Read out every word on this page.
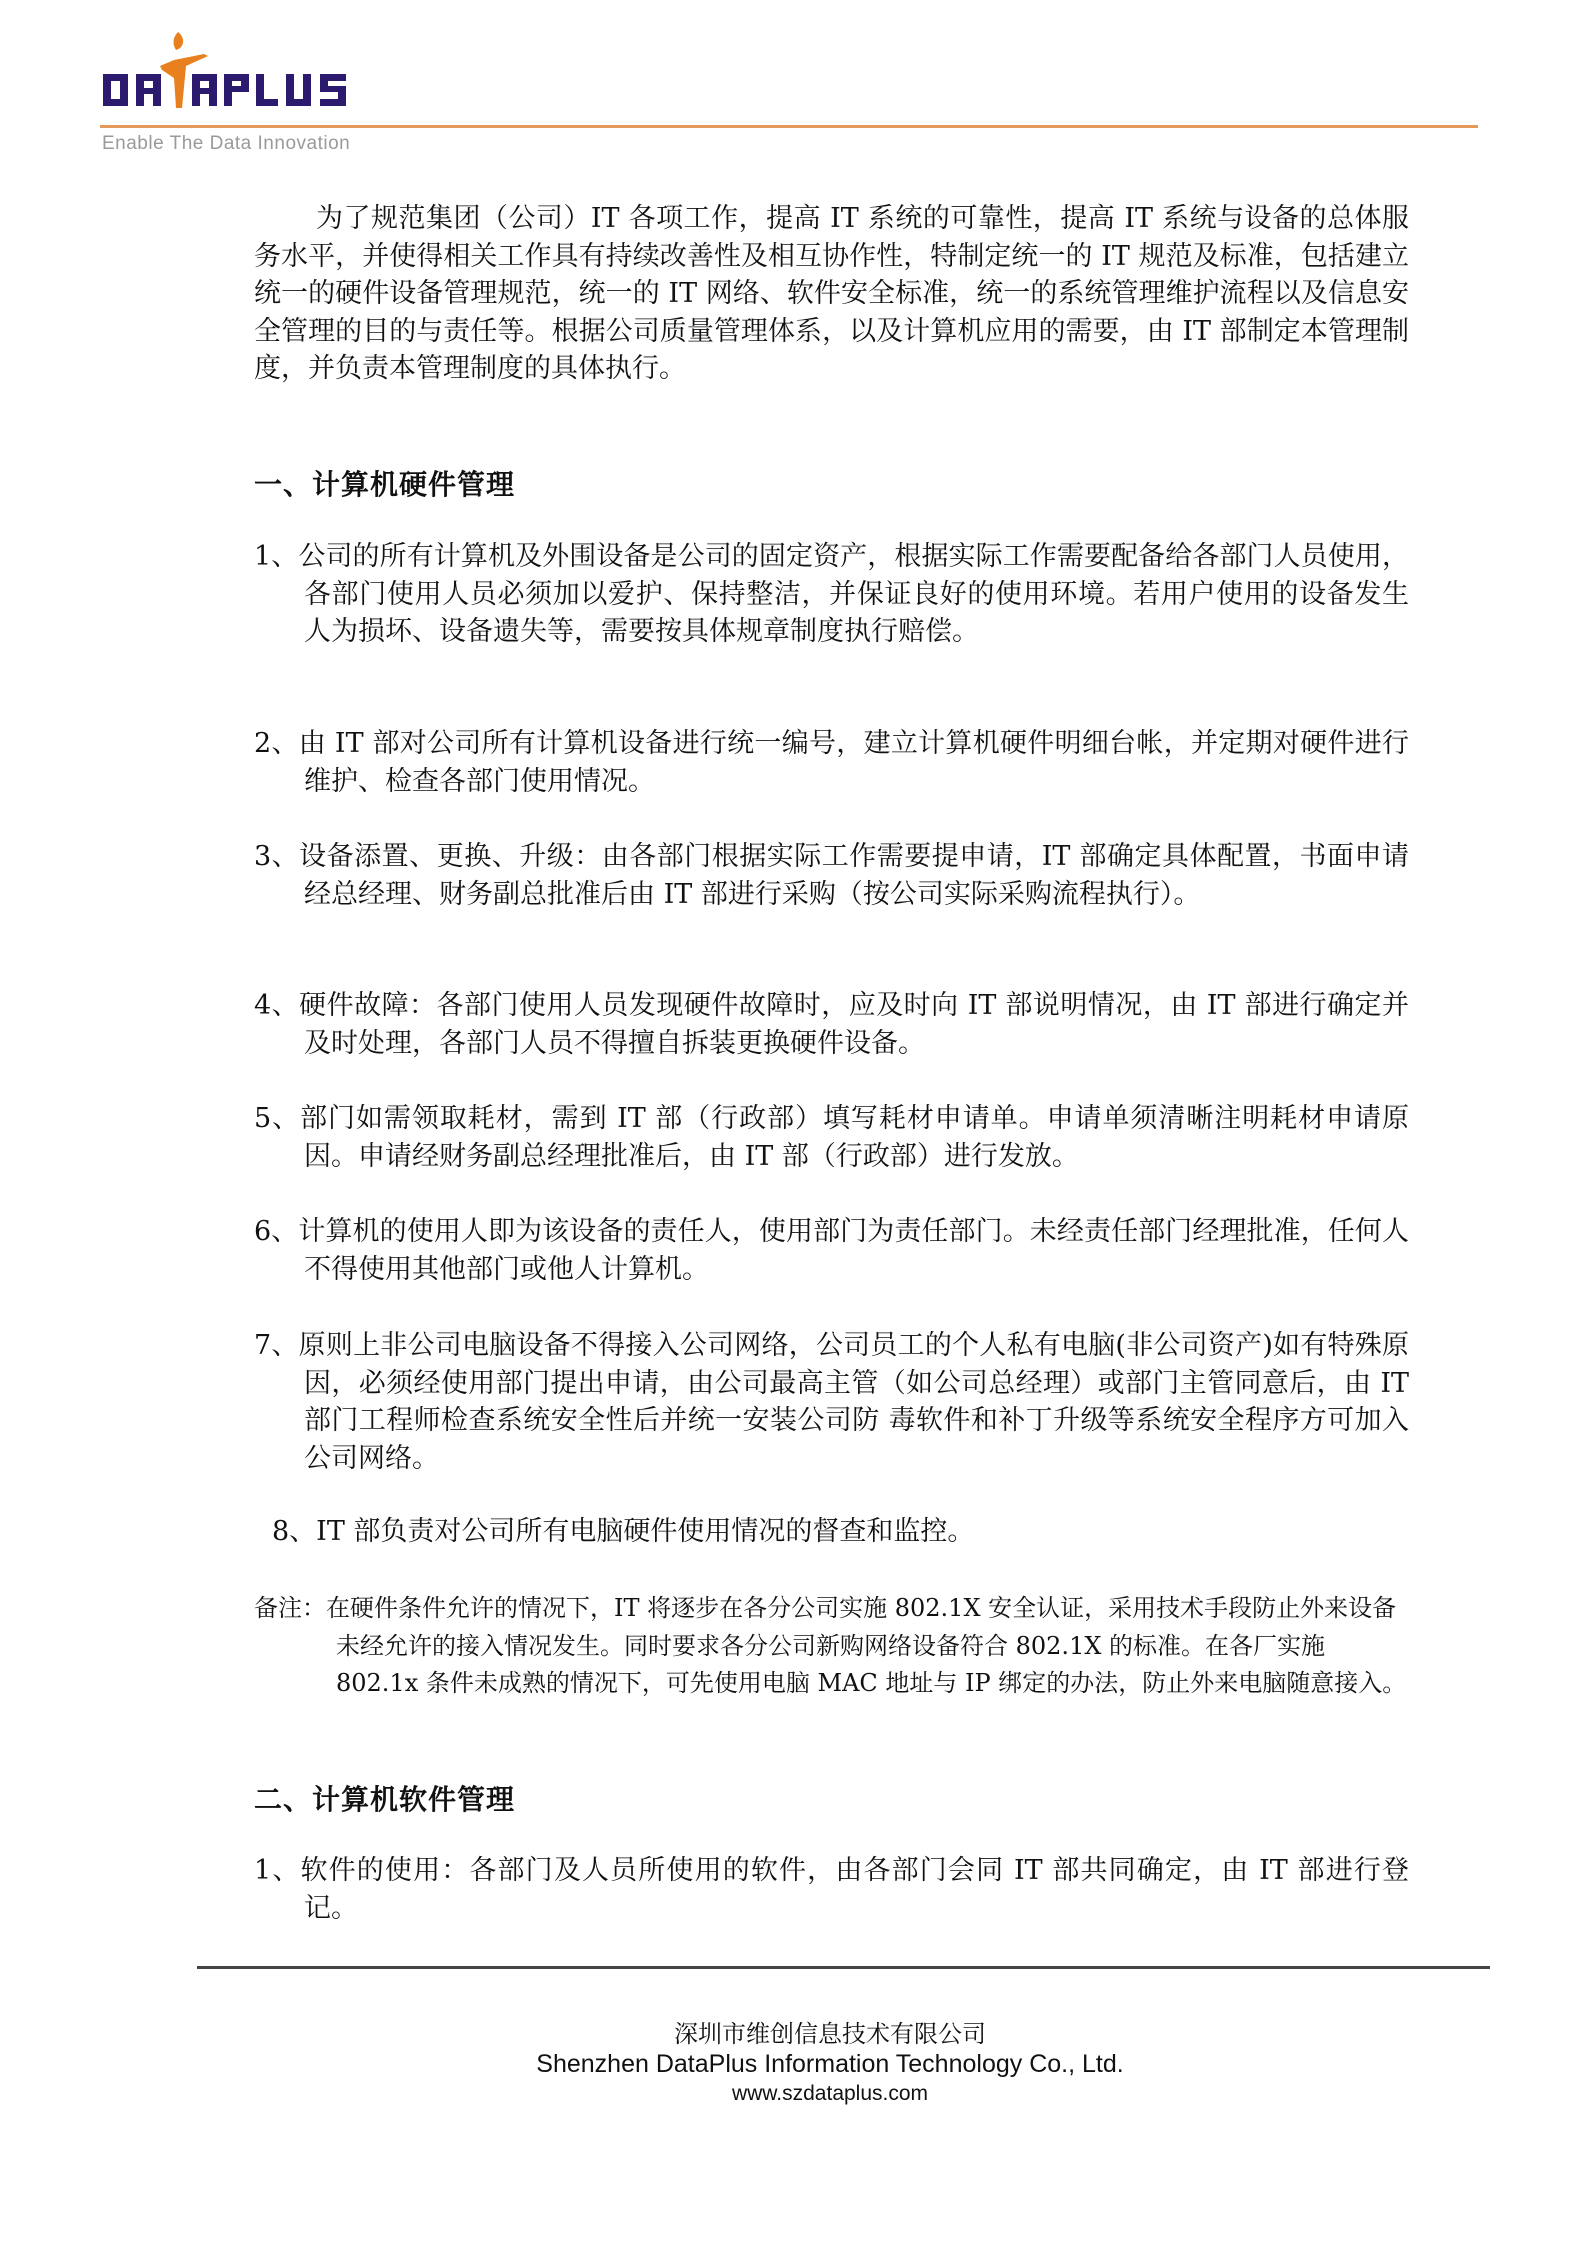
Enable The Data Innovation
为了规范集团（公司）IT 各项工作，提高 IT 系统的可靠性，提高 IT 系统与设备的总体服务水平，并使得相关工作具有持续改善性及相互协作性，特制定统一的 IT 规范及标准，包括建立统一的硬件设备管理规范，统一的 IT 网络、软件安全标准，统一的系统管理维护流程以及信息安全管理的目的与责任等。根据公司质量管理体系，以及计算机应用的需要，由 IT 部制定本管理制度，并负责本管理制度的具体执行。
一、计算机硬件管理
1、公司的所有计算机及外围设备是公司的固定资产，根据实际工作需要配备给各部门人员使用，各部门使用人员必须加以爱护、保持整洁，并保证良好的使用环境。若用户使用的设备发生人为损坏、设备遗失等，需要按具体规章制度执行赔偿。
2、由 IT 部对公司所有计算机设备进行统一编号，建立计算机硬件明细台帐，并定期对硬件进行维护、检查各部门使用情况。
3、设备添置、更换、升级：由各部门根据实际工作需要提申请，IT 部确定具体配置，书面申请经总经理、财务副总批准后由 IT 部进行采购（按公司实际采购流程执行）。
4、硬件故障：各部门使用人员发现硬件故障时，应及时向 IT 部说明情况，由 IT 部进行确定并及时处理，各部门人员不得擅自拆装更换硬件设备。
5、部门如需领取耗材，需到 IT 部（行政部）填写耗材申请单。申请单须清晰注明耗材申请原因。申请经财务副总经理批准后，由 IT 部（行政部）进行发放。
6、计算机的使用人即为该设备的责任人，使用部门为责任部门。未经责任部门经理批准，任何人不得使用其他部门或他人计算机。
7、原则上非公司电脑设备不得接入公司网络，公司员工的个人私有电脑(非公司资产)如有特殊原因，必须经使用部门提出申请，由公司最高主管（如公司总经理）或部门主管同意后，由 IT 部门工程师检查系统安全性后并统一安装公司防 毒软件和补丁升级等系统安全程序方可加入公司网络。
8、IT 部负责对公司所有电脑硬件使用情况的督查和监控。
备注：在硬件条件允许的情况下，IT 将逐步在各分公司实施 802.1X 安全认证，采用技术手段防止外来设备未经允许的接入情况发生。同时要求各分公司新购网络设备符合 802.1X 的标准。在各厂实施 802.1x 条件未成熟的情况下，可先使用电脑 MAC 地址与 IP 绑定的办法，防止外来电脑随意接入。
二、计算机软件管理
1、软件的使用：各部门及人员所使用的软件，由各部门会同 IT 部共同确定，由 IT 部进行登记。
深圳市维创信息技术有限公司
Shenzhen DataPlus Information Technology Co., Ltd.
www.szdataplus.com
